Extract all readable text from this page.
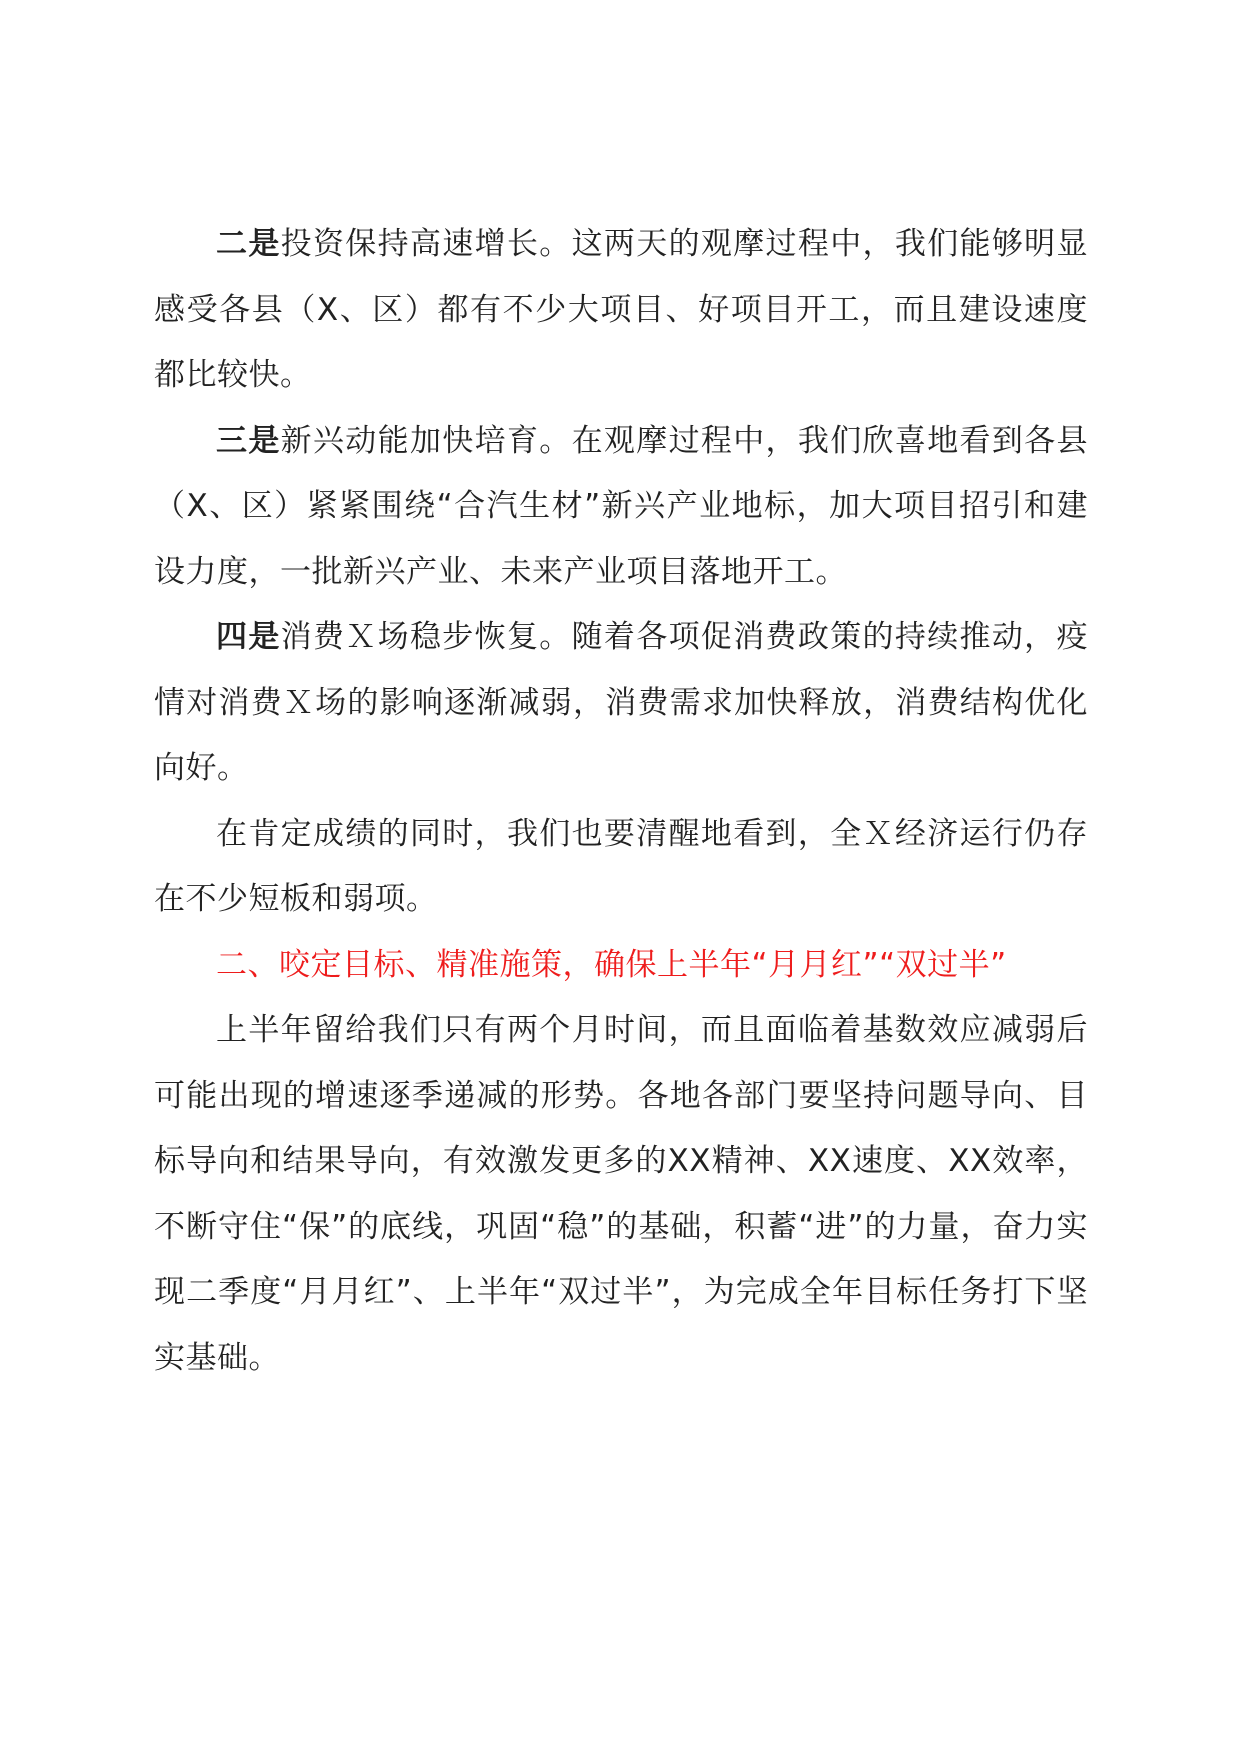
二是投资保持高速增长。这两天的观摩过程中，我们能够明显感受各县（X、区）都有不少大项目、好项目开工，而且建设速度都比较快。

三是新兴动能加快培育。在观摩过程中，我们欣喜地看到各县（X、区）紧紧围绕“合汽生材”新兴产业地标，加大项目招引和建设力度，一批新兴产业、未来产业项目落地开工。

四是消费Ｘ场稳步恢复。随着各项促消费政策的持续推动，疫情对消费Ｘ场的影响逐渐减弱，消费需求加快释放，消费结构优化向好。

在肯定成绩的同时，我们也要清醒地看到，全Ｘ经济运行仍存在不少短板和弱项。

二、咬定目标、精准施策，确保上半年“月月红”“双过半”

上半年留给我们只有两个月时间，而且面临着基数效应减弱后可能出现的增速逐季递减的形势。各地各部门要坚持问题导向、目标导向和结果导向，有效激发更多的XX精神、XX速度、XX效率，不断守住“保”的底线，巩固“稳”的基础，积蓄“进”的力量，奋力实现二季度“月月红”、上半年“双过半”，为完成全年目标任务打下坚实基础。
